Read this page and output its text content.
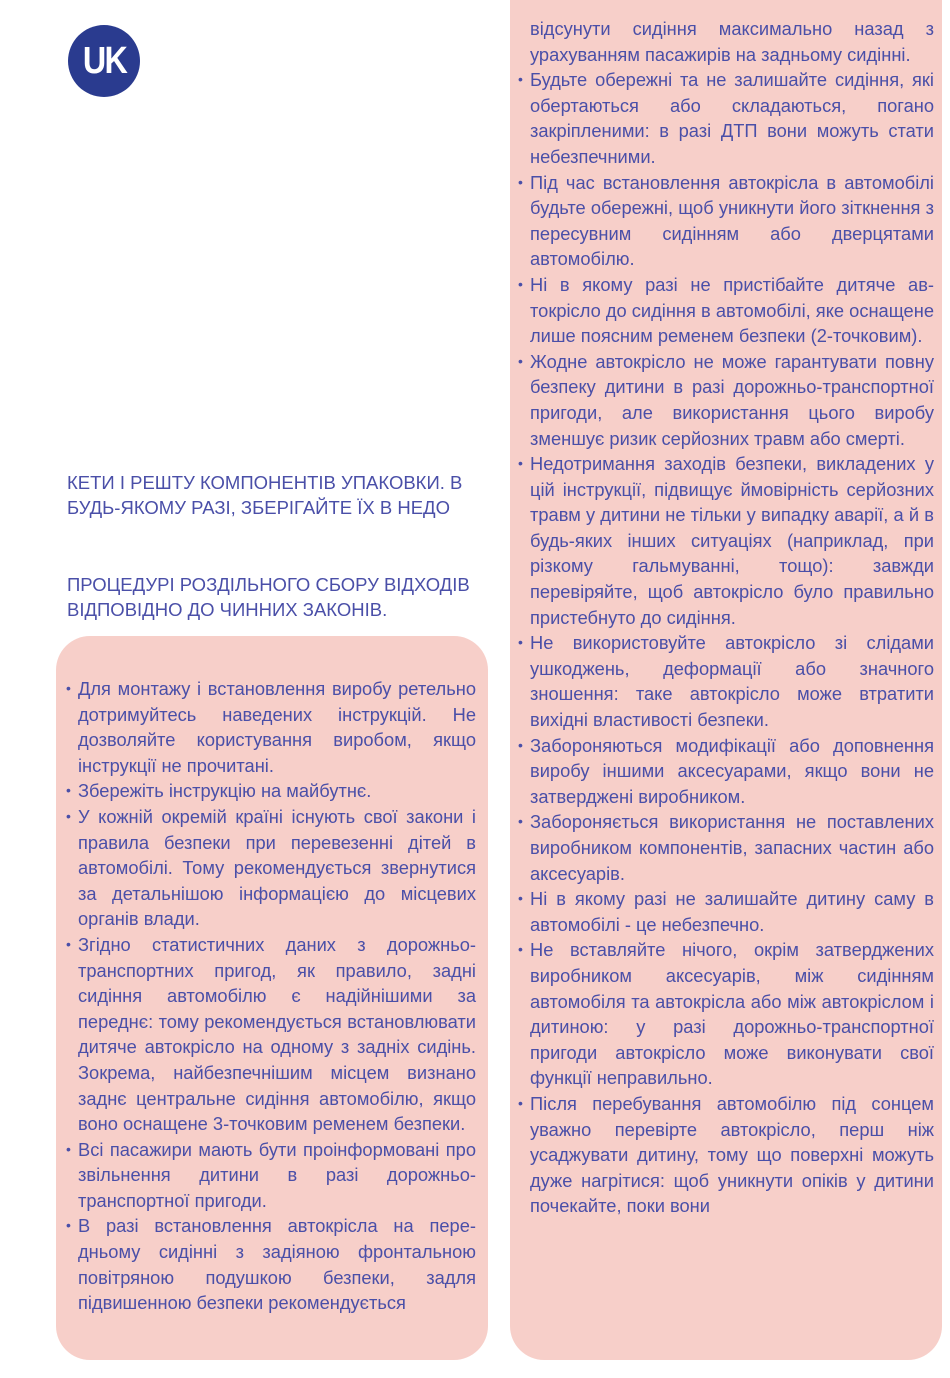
UK

КЕТИ І РЕШТУ КОМПОНЕНТІВ УПАКОВКИ. В БУДЬ-ЯКОМУ РАЗІ, ЗБЕРІГАЙТЕ ЇХ В НЕДО

ПРОЦЕДУРІ РОЗДІЛЬНОГО СБОРУ ВІДХОДІВ ВІДПОВІДНО ДО ЧИННИХ ЗАКОНІВ.

• Для монтажу і встановлення виробу ретельно дотримуйтесь наведених інструкцій. Не дозволяйте користування виробом, якщо інструкції не прочитані.
• Збережіть інструкцію на майбутнє.
• У кожній окремій країні існують свої закони і правила безпеки при перевезенні дітей в автомобілі. Тому рекомендується звернутися за детальнішою інформацією до місцевих органів влади.
• Згідно статистичних даних з дорожньо-транспортних пригод, як правило, задні сидіння автомобілю є надійнішими за переднє: тому рекомендується встановлювати дитяче автокрісло на одному з задніх сидінь. Зокрема, найбезпечнішим місцем визнано заднє центральне сидіння автомобілю, якщо воно оснащене 3-точковим ременем безпеки.
• Всі пасажири мають бути проінформовані про звільнення дитини в разі дорожньо-транспортної пригоди.
• В разі встановлення автокрісла на передньому сидінні з задіяною фронтальною повітряною подушкою безпеки, задля підвишенною безпеки рекомендується
відсунути сидіння максимально назад з урахуванням пасажирів на задньому сидінні.
• Будьте обережні та не залишайте сидіння, які обертаються або складаються, погано закріпленими: в разі ДТП вони можуть стати небезпечними.
• Під час встановлення автокрісла в автомобілі будьте обережні, щоб уникнути його зіткнення з пересувним сидінням або дверцятами автомобілю.
• Ні в якому разі не пристібайте дитяче автокрісло до сидіння в автомобілі, яке оснащене лише поясним ременем безпеки (2-точковим).
• Жодне автокрісло не може гарантувати повну безпеку дитини в разі дорожньо-транспортної пригоди, але використання цього виробу зменшує ризик серйозних травм або смерті.
• Недотримання заходів безпеки, викладених у цій інструкції, підвищує ймовірність серйозних травм у дитини не тільки у випадку аварії, а й в будь-яких інших ситуаціях (наприклад, при різкому гальмуванні, тощо): завжди перевіряйте, щоб автокрісло було правильно пристебнуто до сидіння.
• Не використовуйте автокрісло зі слідами ушкоджень, деформації або значного зношення: таке автокрісло може втратити вихідні властивості безпеки.
• Забороняються модифікації або доповнення виробу іншими аксесуарами, якщо вони не затверджені виробником.
• Забороняється використання не поставлених виробником компонентів, запасних частин або аксесуарів.
• Ні в якому разі не залишайте дитину саму в автомобілі - це небезпечно.
• Не вставляйте нічого, окрім затверджeних виробником аксесуарів, між сидінням автомобіля та автокрісла або між автокріслом і дитиною: у разі дорожньо-транспортної пригоди автокрісло може виконувати свої функції неправильно.
• Після перебування автомобілю під сонцем уважно перевірте автокрісло, перш ніж усаджувати дитину, тому що поверхні можуть дуже нагрітися: щоб уникнути опіків у дитини почекайте, поки вони
